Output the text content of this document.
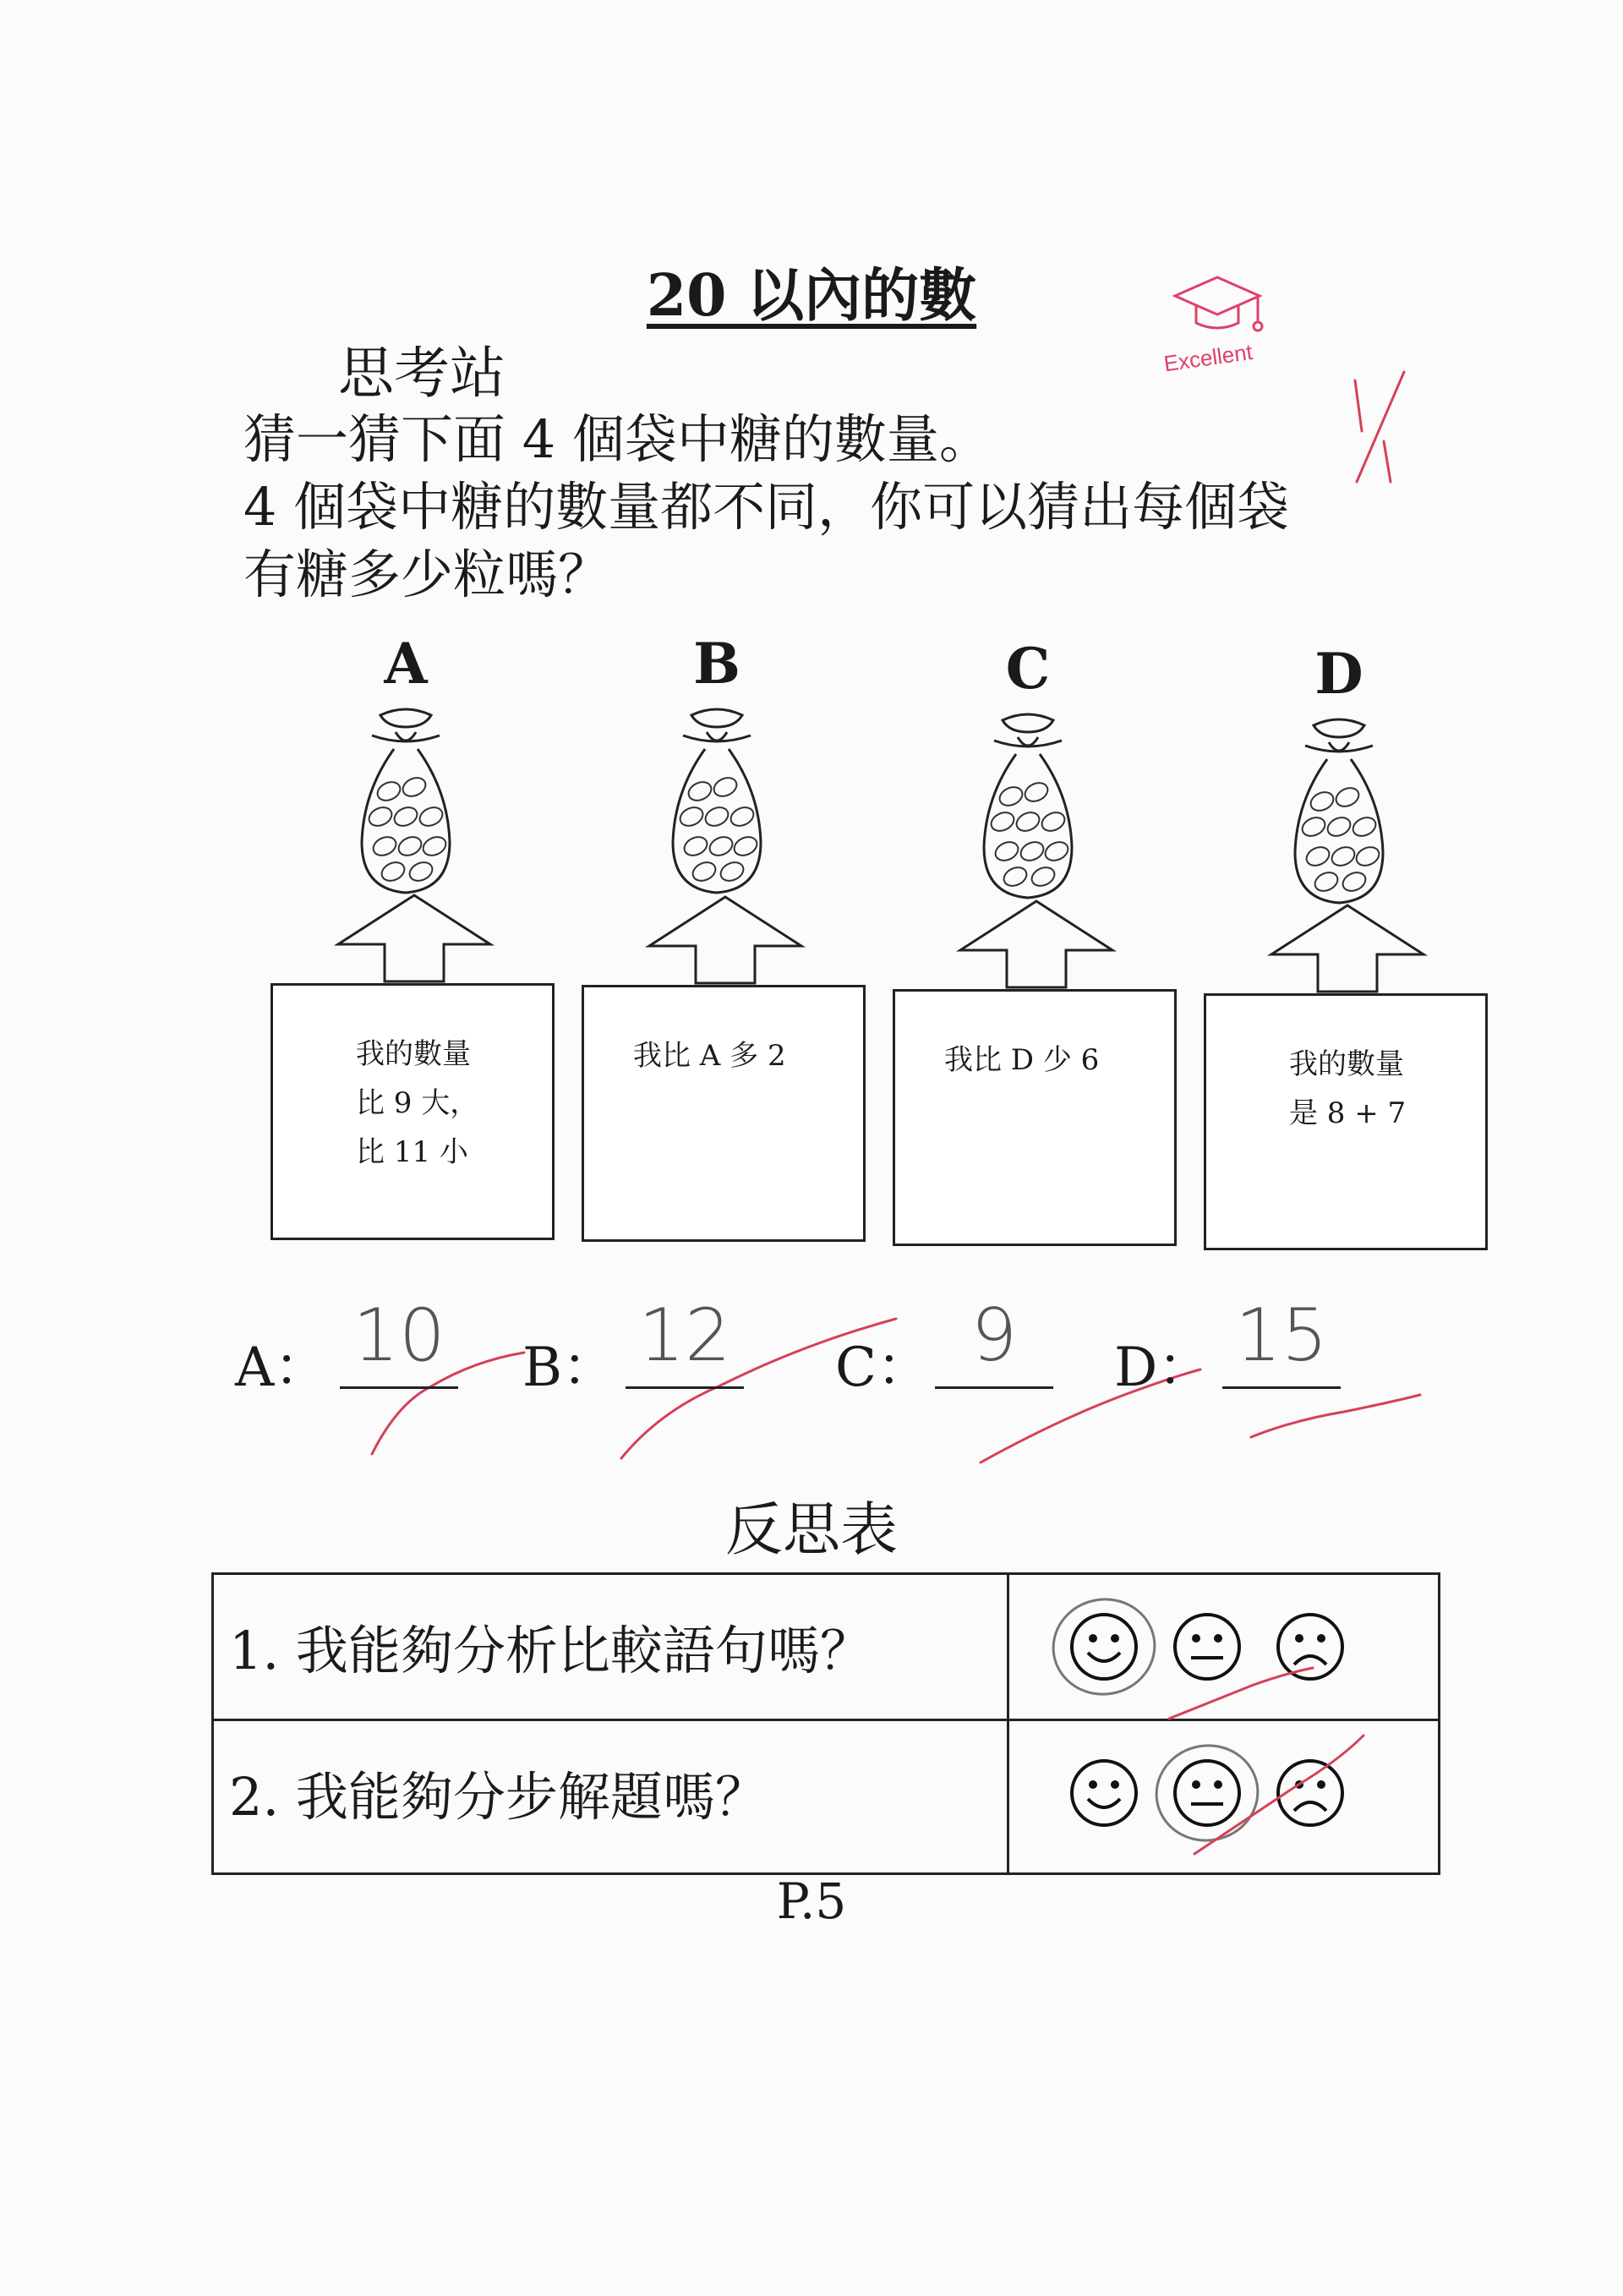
20 以內的數
思考站	Excellent
猜一猜下面 4 個袋中糖的數量。
4 個袋中糖的數量都不同，你可以猜出每個袋
有糖多少粒嗎？
A
我的數量
比 9 大，
比 11 小
B
我比 A 多 2
C
我比 D 少 6
D
我的數量
是 8 + 7
A： 10 B： 12 C： 9	D： 15
反思表
1. 我能夠分析比較語句嗎？
2. 我能夠分步解題嗎？
P.5
